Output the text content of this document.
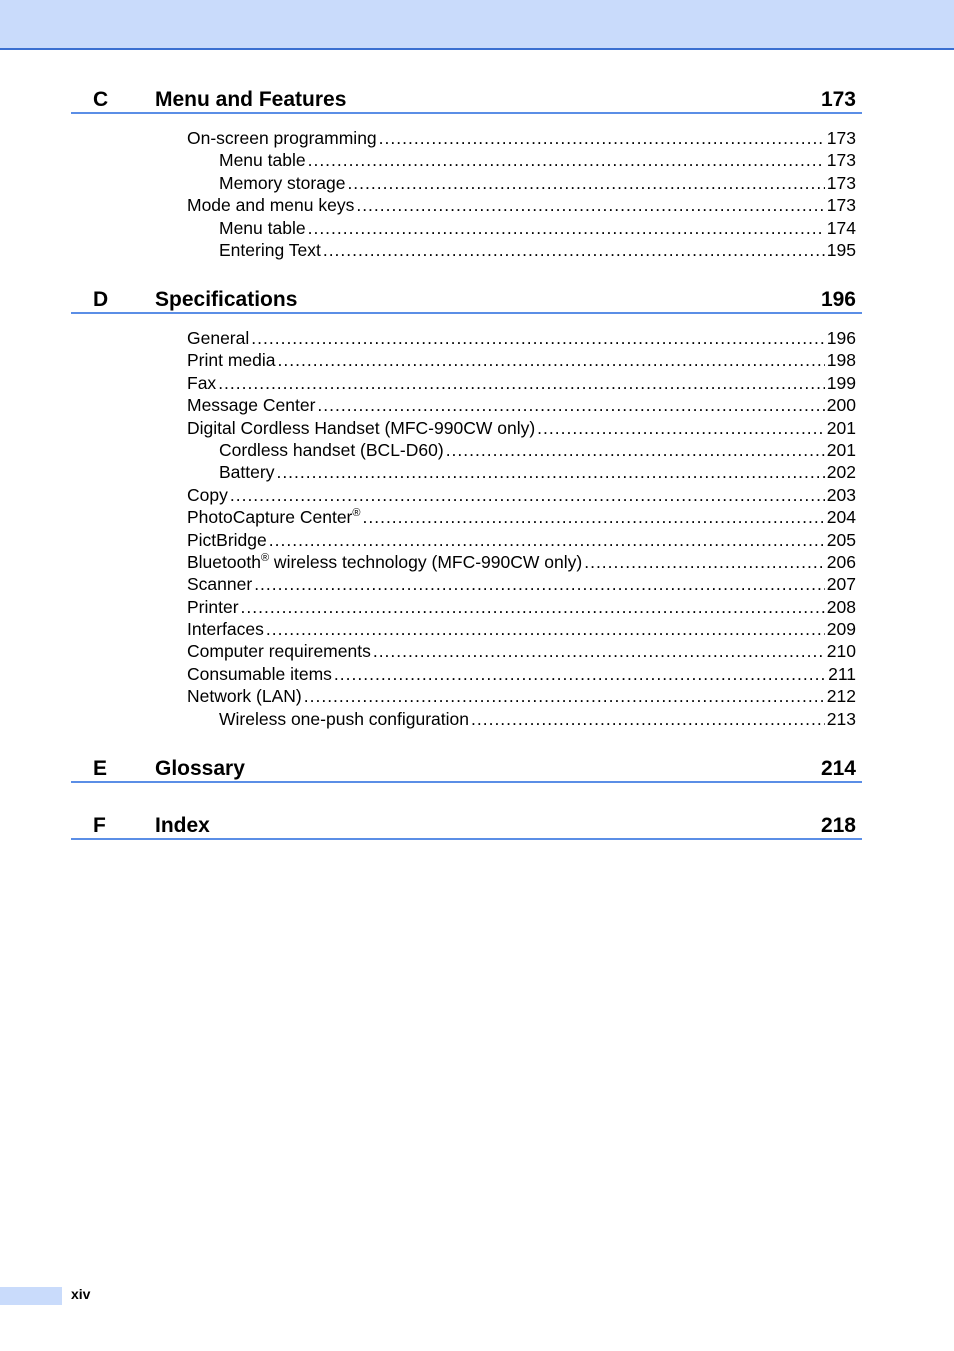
C Menu and Features	173
On-screen programming .....	173
Menu table .....	173
Memory storage .....	173
Mode and menu keys .....	173
Menu table .....	174
Entering Text .....	195
D Specifications	196
General .....	196
Print media .....	198
Fax .....	199
Message Center .....	200
Digital Cordless Handset (MFC-990CW only) .....	201
Cordless handset (BCL-D60) .....	201
Battery .....	202
Copy .....	203
PhotoCapture Center® .....	204
PictBridge .....	205
Bluetooth® wireless technology (MFC-990CW only) .....	206
Scanner .....	207
Printer .....	208
Interfaces .....	209
Computer requirements .....	210
Consumable items .....	211
Network (LAN) .....	212
Wireless one-push configuration .....	213
E Glossary	214
F Index	218
xiv
